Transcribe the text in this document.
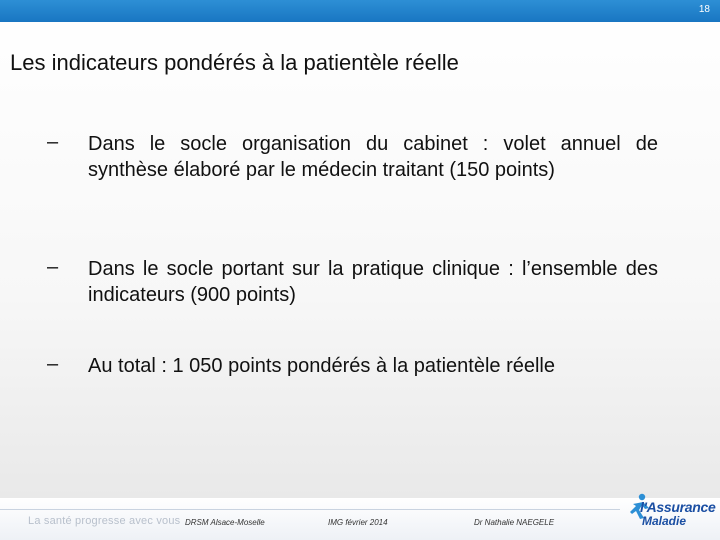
18
Les indicateurs pondérés à la patientèle réelle
– Dans le socle organisation du cabinet : volet annuel de synthèse élaboré par le médecin traitant (150 points)
– Dans le socle portant sur la pratique clinique : l’ensemble des indicateurs (900 points)
– Au total : 1 050 points pondérés à la patientèle réelle
La santé progresse avec vous DRSM Alsace-Moselle	IMG février 2014	Dr Nathalie NAEGELE
l'Assurance
Maladie
